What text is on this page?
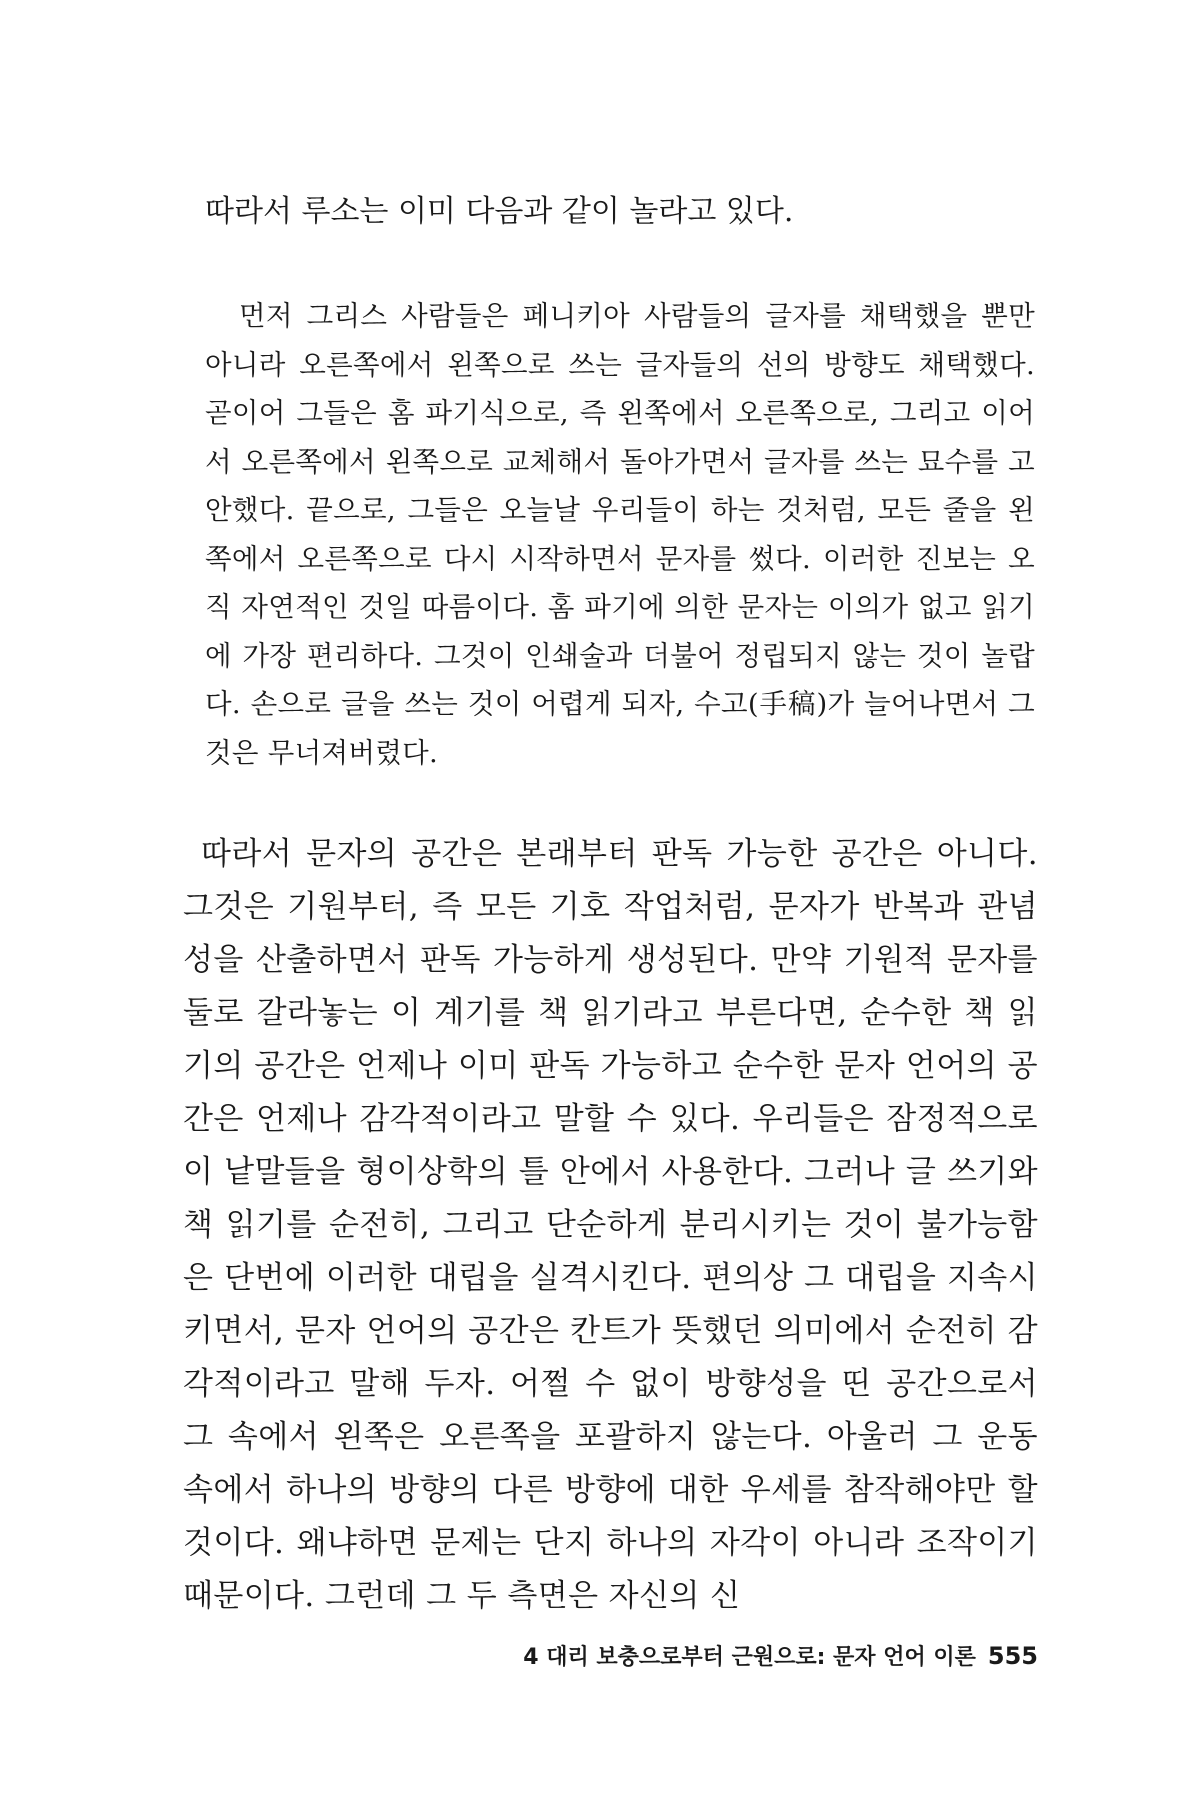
따라서 루소는 이미 다음과 같이 놀라고 있다.

먼저 그리스 사람들은 페니키아 사람들의 글자를 채택했을 뿐만 아니라 오른쪽에서 왼쪽으로 쓰는 글자들의 선의 방향도 채택했다. 곧이어 그들은 홈 파기식으로, 즉 왼쪽에서 오른쪽으로, 그리고 이어서 오른쪽에서 왼쪽으로 교체해서 돌아가면서 글자를 쓰는 묘수를 고안했다. 끝으로, 그들은 오늘날 우리들이 하는 것처럼, 모든 줄을 왼쪽에서 오른쪽으로 다시 시작하면서 문자를 썼다. 이러한 진보는 오직 자연적인 것일 따름이다. 홈 파기에 의한 문자는 이의가 없고 읽기에 가장 편리하다. 그것이 인쇄술과 더불어 정립되지 않는 것이 놀랍다. 손으로 글을 쓰는 것이 어렵게 되자, 수고(手稿)가 늘어나면서 그것은 무너져버렸다.

따라서 문자의 공간은 본래부터 판독 가능한 공간은 아니다. 그것은 기원부터, 즉 모든 기호 작업처럼, 문자가 반복과 관념성을 산출하면서 판독 가능하게 생성된다. 만약 기원적 문자를 둘로 갈라놓는 이 계기를 책 읽기라고 부른다면, 순수한 책 읽기의 공간은 언제나 이미 판독 가능하고 순수한 문자 언어의 공간은 언제나 감각적이라고 말할 수 있다. 우리들은 잠정적으로 이 낱말들을 형이상학의 틀 안에서 사용한다. 그러나 글 쓰기와 책 읽기를 순전히, 그리고 단순하게 분리시키는 것이 불가능함은 단번에 이러한 대립을 실격시킨다. 편의상 그 대립을 지속시키면서, 문자 언어의 공간은 칸트가 뜻했던 의미에서 순전히 감각적이라고 말해 두자. 어쩔 수 없이 방향성을 띤 공간으로서 그 속에서 왼쪽은 오른쪽을 포괄하지 않는다. 아울러 그 운동 속에서 하나의 방향의 다른 방향에 대한 우세를 참작해야만 할 것이다. 왜냐하면 문제는 단지 하나의 자각이 아니라 조작이기 때문이다. 그런데 그 두 측면은 자신의 신

4 대리 보충으로부터 근원으로: 문자 언어 이론 555
